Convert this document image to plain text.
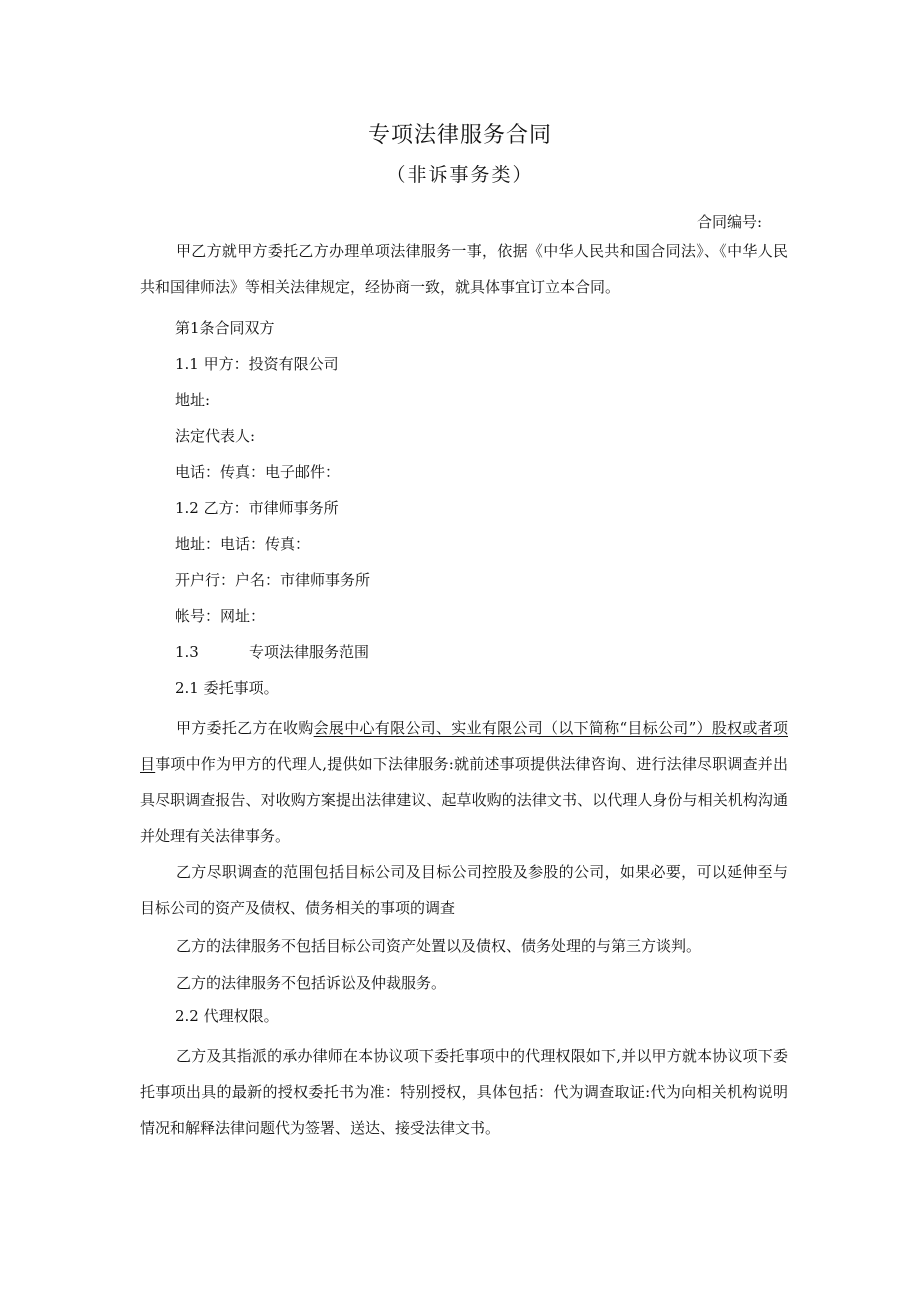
专项法律服务合同
（非诉事务类）
合同编号:
甲乙方就甲方委托乙方办理单项法律服务一事，依据《中华人民共和国合同法》、《中华人民共和国律师法》等相关法律规定，经协商一致，就具体事宜订立本合同。
第1条合同双方
1.1 甲方：投资有限公司
地址:
法定代表人:
电话：传真：电子邮件：
1.2 乙方：市律师事务所
地址：电话：传真：
开户行：户名：市律师事务所
帐号：网址：
1.3	专项法律服务范围
2.1 委托事项。
甲方委托乙方在收购会展中心有限公司、实业有限公司（以下简称“目标公司”）股权或者项目事项中作为甲方的代理人,提供如下法律服务:就前述事项提供法律咨询、进行法律尽职调查并出具尽职调查报告、对收购方案提出法律建议、起草收购的法律文书、以代理人身份与相关机构沟通并处理有关法律事务。
乙方尽职调查的范围包括目标公司及目标公司控股及参股的公司，如果必要，可以延伸至与目标公司的资产及债权、债务相关的事项的调查
乙方的法律服务不包括目标公司资产处置以及债权、债务处理的与第三方谈判。
乙方的法律服务不包括诉讼及仲裁服务。
2.2 代理权限。
乙方及其指派的承办律师在本协议项下委托事项中的代理权限如下,并以甲方就本协议项下委托事项出具的最新的授权委托书为准：特别授权，具体包括：代为调查取证:代为向相关机构说明情况和解释法律问题代为签署、送达、接受法律文书。
